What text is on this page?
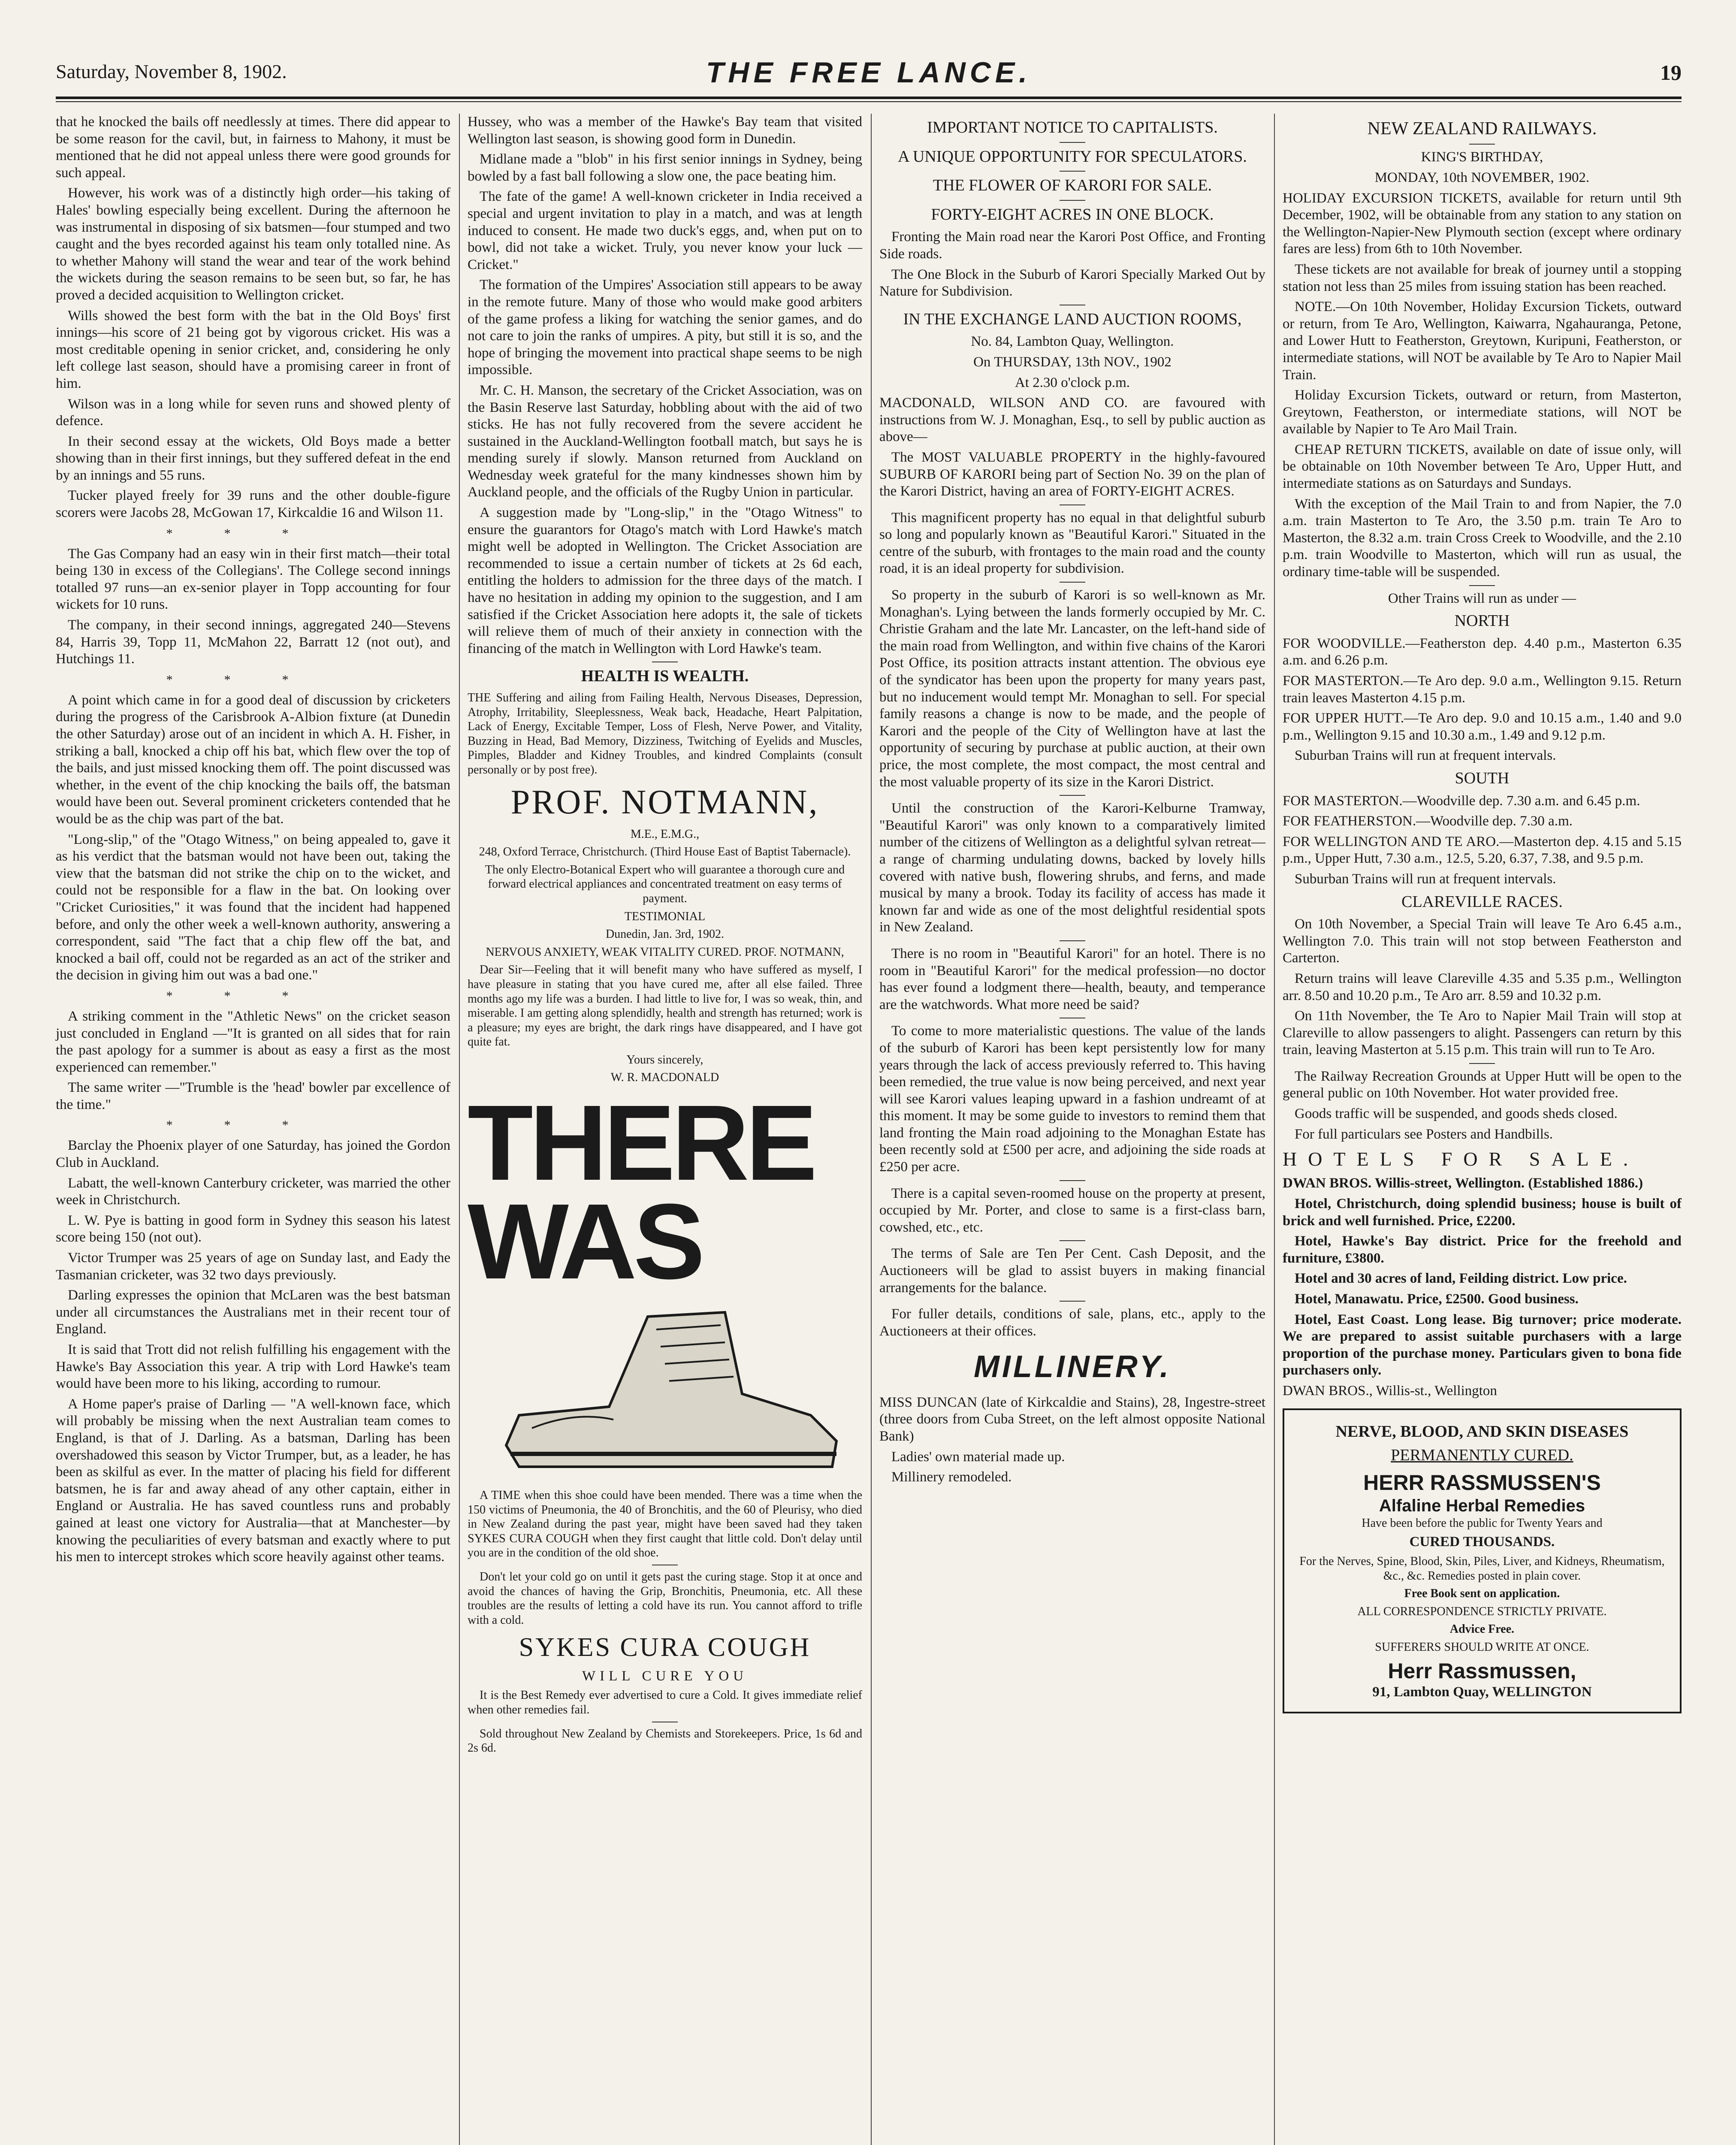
Saturday, November 8, 1902.	THE FREE LANCE.	19

that he knocked the bails off needlessly at times. There did appear to be some reason for the cavil, but, in fairness to Mahony, it must be mentioned that he did not appeal unless there were good grounds for such appeal.

However, his work was of a distinctly high order—his taking of Hales' bowling especially being excellent. During the afternoon he was instrumental in disposing of six batsmen—four stumped and two caught and the byes recorded against his team only totalled nine. As to whether Mahony will stand the wear and tear of the work behind the wickets during the season remains to be seen but, so far, he has proved a decided acquisition to Wellington cricket.

Wills showed the best form with the bat in the Old Boys' first innings—his score of 21 being got by vigorous cricket. His was a most creditable opening in senior cricket, and, considering he only left college last season, should have a promising career in front of him.

Wilson was in a long while for seven runs and showed plenty of defence.

In their second essay at the wickets, Old Boys made a better showing than in their first innings, but they suffered defeat in the end by an innings and 55 runs.

Tucker played freely for 39 runs and the other double-figure scorers were Jacobs 28, McGowan 17, Kirkcaldie 16 and Wilson 11.

***

The Gas Company had an easy win in their first match—their total being 130 in excess of the Collegians'. The College second innings totalled 97 runs—an ex-senior player in Topp accounting for four wickets for 10 runs.

The company, in their second innings, aggregated 240—Stevens 84, Harris 39, Topp 11, McMahon 22, Barratt 12 (not out), and Hutchings 11.

***

A point which came in for a good deal of discussion by cricketers during the progress of the Carisbrook A-Albion fixture (at Dunedin the other Saturday) arose out of an incident in which A. H. Fisher, in striking a ball, knocked a chip off his bat, which flew over the top of the bails, and just missed knocking them off. The point discussed was whether, in the event of the chip knocking the bails off, the batsman would have been out. Several prominent cricketers contended that he would be as the chip was part of the bat.

"Long-slip," of the "Otago Witness," on being appealed to, gave it as his verdict that the batsman would not have been out, taking the view that the batsman did not strike the chip on to the wicket, and could not be responsible for a flaw in the bat. On looking over "Cricket Curiosities," it was found that the incident had happened before, and only the other week a well-known authority, answering a correspondent, said "The fact that a chip flew off the bat, and knocked a bail off, could not be regarded as an act of the striker and the decision in giving him out was a bad one."

***

A striking comment in the "Athletic News" on the cricket season just concluded in England —"It is granted on all sides that for rain the past apology for a summer is about as easy a first as the most experienced can remember."

The same writer —"Trumble is the 'head' bowler par excellence of the time."

***

Barclay the Phoenix player of one Saturday, has joined the Gordon Club in Auckland.

Labatt, the well-known Canterbury cricketer, was married the other week in Christchurch.

L. W. Pye is batting in good form in Sydney this season his latest score being 150 (not out).

Victor Trumper was 25 years of age on Sunday last, and Eady the Tasmanian cricketer, was 32 two days previously.

Darling expresses the opinion that McLaren was the best batsman under all circumstances the Australians met in their recent tour of England.

It is said that Trott did not relish fulfilling his engagement with the Hawke's Bay Association this year. A trip with Lord Hawke's team would have been more to his liking, according to rumour.

A Home paper's praise of Darling — "A well-known face, which will probably be missing when the next Australian team comes to England, is that of J. Darling. As a batsman, Darling has been overshadowed this season by Victor Trumper, but, as a leader, he has been as skilful as ever. In the matter of placing his field for different batsmen, he is far and away ahead of any other captain, either in England or Australia. He has saved countless runs and probably gained at least one victory for Australia—that at Manchester—by knowing the peculiarities of every batsman and exactly where to put his men to intercept strokes which score heavily against other teams.

Hussey, who was a member of the Hawke's Bay team that visited Wellington last season, is showing good form in Dunedin.

Midlane made a "blob" in his first senior innings in Sydney, being bowled by a fast ball following a slow one, the pace beating him.

The fate of the game! A well-known cricketer in India received a special and urgent invitation to play in a match, and was at length induced to consent. He made two duck's eggs, and, when put on to bowl, did not take a wicket. Truly, you never know your luck — Cricket."

The formation of the Umpires' Association still appears to be away in the remote future. Many of those who would make good arbiters of the game profess a liking for watching the senior games, and do not care to join the ranks of umpires. A pity, but still it is so, and the hope of bringing the movement into practical shape seems to be nigh impossible.

Mr. C. H. Manson, the secretary of the Cricket Association, was on the Basin Reserve last Saturday, hobbling about with the aid of two sticks. He has not fully recovered from the severe accident he sustained in the Auckland-Wellington football match, but says he is mending surely if slowly. Manson returned from Auckland on Wednesday week grateful for the many kindnesses shown him by Auckland people, and the officials of the Rugby Union in particular.

A suggestion made by "Long-slip," in the "Otago Witness" to ensure the guarantors for Otago's match with Lord Hawke's match might well be adopted in Wellington. The Cricket Association are recommended to issue a certain number of tickets at 2s 6d each, entitling the holders to admission for the three days of the match. I have no hesitation in adding my opinion to the suggestion, and I am satisfied if the Cricket Association here adopts it, the sale of tickets will relieve them of much of their anxiety in connection with the financing of the match in Wellington with Lord Hawke's team.

HEALTH IS WEALTH.

THE Suffering and ailing from Failing Health, Nervous Diseases, Depression, Atrophy, Irritability, Sleeplessness, Weak back, Headache, Heart Palpitation, Lack of Energy, Excitable Temper, Loss of Flesh, Nerve Power, and Vitality, Buzzing in Head, Bad Memory, Dizziness, Twitching of Eyelids and Muscles, Pimples, Bladder and Kidney Troubles, and kindred Complaints (consult personally or by post free).

PROF. NOTMANN,

M.E., E.M.G.,

248, Oxford Terrace, Christchurch. (Third House East of Baptist Tabernacle).

The only Electro-Botanical Expert who will guarantee a thorough cure and forward electrical appliances and concentrated treatment on easy terms of payment.

TESTIMONIAL

Dunedin, Jan. 3rd, 1902.

NERVOUS ANXIETY, WEAK VITALITY CURED. PROF. NOTMANN,

Dear Sir—Feeling that it will benefit many who have suffered as myself, I have pleasure in stating that you have cured me, after all else failed. Three months ago my life was a burden. I had little to live for, I was so weak, thin, and miserable. I am getting along splendidly, health and strength has returned; work is a pleasure; my eyes are bright, the dark rings have disappeared, and I have got quite fat.

Yours sincerely,

W. R. MACDONALD

THERE WAS

A TIME when this shoe could have been mended. There was a time when the 150 victims of Pneumonia, the 40 of Bronchitis, and the 60 of Pleurisy, who died in New Zealand during the past year, might have been saved had they taken SYKES CURA COUGH when they first caught that little cold. Don't delay until you are in the condition of the old shoe.

Don't let your cold go on until it gets past the curing stage. Stop it at once and avoid the chances of having the Grip, Bronchitis, Pneumonia, etc. All these troubles are the results of letting a cold have its run. You cannot afford to trifle with a cold.

SYKES CURA COUGH

WILL CURE YOU

It is the Best Remedy ever advertised to cure a Cold. It gives immediate relief when other remedies fail.

Sold throughout New Zealand by Chemists and Storekeepers. Price, 1s 6d and 2s 6d.

IMPORTANT NOTICE TO CAPITALISTS.
A UNIQUE OPPORTUNITY FOR SPECULATORS.
THE FLOWER OF KARORI FOR SALE.
FORTY-EIGHT ACRES IN ONE BLOCK.

Fronting the Main road near the Karori Post Office, and Fronting Side roads.

The One Block in the Suburb of Karori Specially Marked Out by Nature for Subdivision.

IN THE EXCHANGE LAND AUCTION ROOMS,

No. 84, Lambton Quay, Wellington.

On THURSDAY, 13th NOV., 1902

At 2.30 o'clock p.m.

MACDONALD, WILSON AND CO. are favoured with instructions from W. J. Monaghan, Esq., to sell by public auction as above—

The MOST VALUABLE PROPERTY in the highly-favoured SUBURB OF KARORI being part of Section No. 39 on the plan of the Karori District, having an area of FORTY-EIGHT ACRES.

This magnificent property has no equal in that delightful suburb so long and popularly known as "Beautiful Karori." Situated in the centre of the suburb, with frontages to the main road and the county road, it is an ideal property for subdivision.

So property in the suburb of Karori is so well-known as Mr. Monaghan's. Lying between the lands formerly occupied by Mr. C. Christie Graham and the late Mr. Lancaster, on the left-hand side of the main road from Wellington, and within five chains of the Karori Post Office, its position attracts instant attention. The obvious eye of the syndicator has been upon the property for many years past, but no inducement would tempt Mr. Monaghan to sell. For special family reasons a change is now to be made, and the people of Karori and the people of the City of Wellington have at last the opportunity of securing by purchase at public auction, at their own price, the most complete, the most compact, the most central and the most valuable property of its size in the Karori District.

Until the construction of the Karori-Kelburne Tramway, "Beautiful Karori" was only known to a comparatively limited number of the citizens of Wellington as a delightful sylvan retreat—a range of charming undulating downs, backed by lovely hills covered with native bush, flowering shrubs, and ferns, and made musical by many a brook. Today its facility of access has made it known far and wide as one of the most delightful residential spots in New Zealand.

There is no room in "Beautiful Karori" for an hotel. There is no room in "Beautiful Karori" for the medical profession—no doctor has ever found a lodgment there—health, beauty, and temperance are the watchwords. What more need be said?

To come to more materialistic questions. The value of the lands of the suburb of Karori has been kept persistently low for many years through the lack of access previously referred to. This having been remedied, the true value is now being perceived, and next year will see Karori values leaping upward in a fashion undreamt of at this moment. It may be some guide to investors to remind them that land fronting the Main road adjoining to the Monaghan Estate has been recently sold at £500 per acre, and adjoining the side roads at £250 per acre.

There is a capital seven-roomed house on the property at present, occupied by Mr. Porter, and close to same is a first-class barn, cowshed, etc., etc.

The terms of Sale are Ten Per Cent. Cash Deposit, and the Auctioneers will be glad to assist buyers in making financial arrangements for the balance.

For fuller details, conditions of sale, plans, etc., apply to the Auctioneers at their offices.

MILLINERY.

MISS DUNCAN (late of Kirkcaldie and Stains), 28, Ingestre-street (three doors from Cuba Street, on the left almost opposite National Bank)

Ladies' own material made up.

Millinery remodeled.

NEW ZEALAND RAILWAYS.

KING'S BIRTHDAY,

MONDAY, 10th NOVEMBER, 1902.

HOLIDAY EXCURSION TICKETS, available for return until 9th December, 1902, will be obtainable from any station to any station on the Wellington-Napier-New Plymouth section (except where ordinary fares are less) from 6th to 10th November.

These tickets are not available for break of journey until a stopping station not less than 25 miles from issuing station has been reached.

NOTE.—On 10th November, Holiday Excursion Tickets, outward or return, from Te Aro, Wellington, Kaiwarra, Ngahauranga, Petone, and Lower Hutt to Featherston, Greytown, Kuripuni, Featherston, or intermediate stations, will NOT be available by Te Aro to Napier Mail Train.

Holiday Excursion Tickets, outward or return, from Masterton, Greytown, Featherston, or intermediate stations, will NOT be available by Napier to Te Aro Mail Train.

CHEAP RETURN TICKETS, available on date of issue only, will be obtainable on 10th November between Te Aro, Upper Hutt, and intermediate stations as on Saturdays and Sundays.

With the exception of the Mail Train to and from Napier, the 7.0 a.m. train Masterton to Te Aro, the 3.50 p.m. train Te Aro to Masterton, the 8.32 a.m. train Cross Creek to Woodville, and the 2.10 p.m. train Woodville to Masterton, which will run as usual, the ordinary time-table will be suspended.

Other Trains will run as under —

NORTH

FOR WOODVILLE.—Featherston dep. 4.40 p.m., Masterton 6.35 a.m. and 6.26 p.m.

FOR MASTERTON.—Te Aro dep. 9.0 a.m., Wellington 9.15. Return train leaves Masterton 4.15 p.m.

FOR UPPER HUTT.—Te Aro dep. 9.0 and 10.15 a.m., 1.40 and 9.0 p.m., Wellington 9.15 and 10.30 a.m., 1.49 and 9.12 p.m.

Suburban Trains will run at frequent intervals.

SOUTH

FOR MASTERTON.—Woodville dep. 7.30 a.m. and 6.45 p.m.

FOR FEATHERSTON.—Woodville dep. 7.30 a.m.

FOR WELLINGTON AND TE ARO.—Masterton dep. 4.15 and 5.15 p.m., Upper Hutt, 7.30 a.m., 12.5, 5.20, 6.37, 7.38, and 9.5 p.m.

Suburban Trains will run at frequent intervals.

CLAREVILLE RACES.

On 10th November, a Special Train will leave Te Aro 6.45 a.m., Wellington 7.0. This train will not stop between Featherston and Carterton.

Return trains will leave Clareville 4.35 and 5.35 p.m., Wellington arr. 8.50 and 10.20 p.m., Te Aro arr. 8.59 and 10.32 p.m.

On 11th November, the Te Aro to Napier Mail Train will stop at Clareville to allow passengers to alight. Passengers can return by this train, leaving Masterton at 5.15 p.m. This train will run to Te Aro.

The Railway Recreation Grounds at Upper Hutt will be open to the general public on 10th November. Hot water provided free.

Goods traffic will be suspended, and goods sheds closed.

For full particulars see Posters and Handbills.

HOTELS FOR SALE.

DWAN BROS. Willis-street, Wellington. (Established 1886.)

Hotel, Christchurch, doing splendid business; house is built of brick and well furnished. Price, £2200.

Hotel, Hawke's Bay district. Price for the freehold and furniture, £3800.

Hotel and 30 acres of land, Feilding district. Low price.

Hotel, Manawatu. Price, £2500. Good business.

Hotel, East Coast. Long lease. Big turnover; price moderate. We are prepared to assist suitable purchasers with a large proportion of the purchase money. Particulars given to bona fide purchasers only.

DWAN BROS., Willis-st., Wellington

NERVE, BLOOD, AND SKIN DISEASES
PERMANENTLY CURED.
HERR RASSMUSSEN'S
Alfaline Herbal Remedies

Have been before the public for Twenty Years and

CURED THOUSANDS.

For the Nerves, Spine, Blood, Skin, Piles, Liver, and Kidneys, Rheumatism, &c., &c. Remedies posted in plain cover.

Free Book sent on application.

ALL CORRESPONDENCE STRICTLY PRIVATE.

Advice Free.

SUFFERERS SHOULD WRITE AT ONCE.

Herr Rassmussen,

91, Lambton Quay, WELLINGTON
